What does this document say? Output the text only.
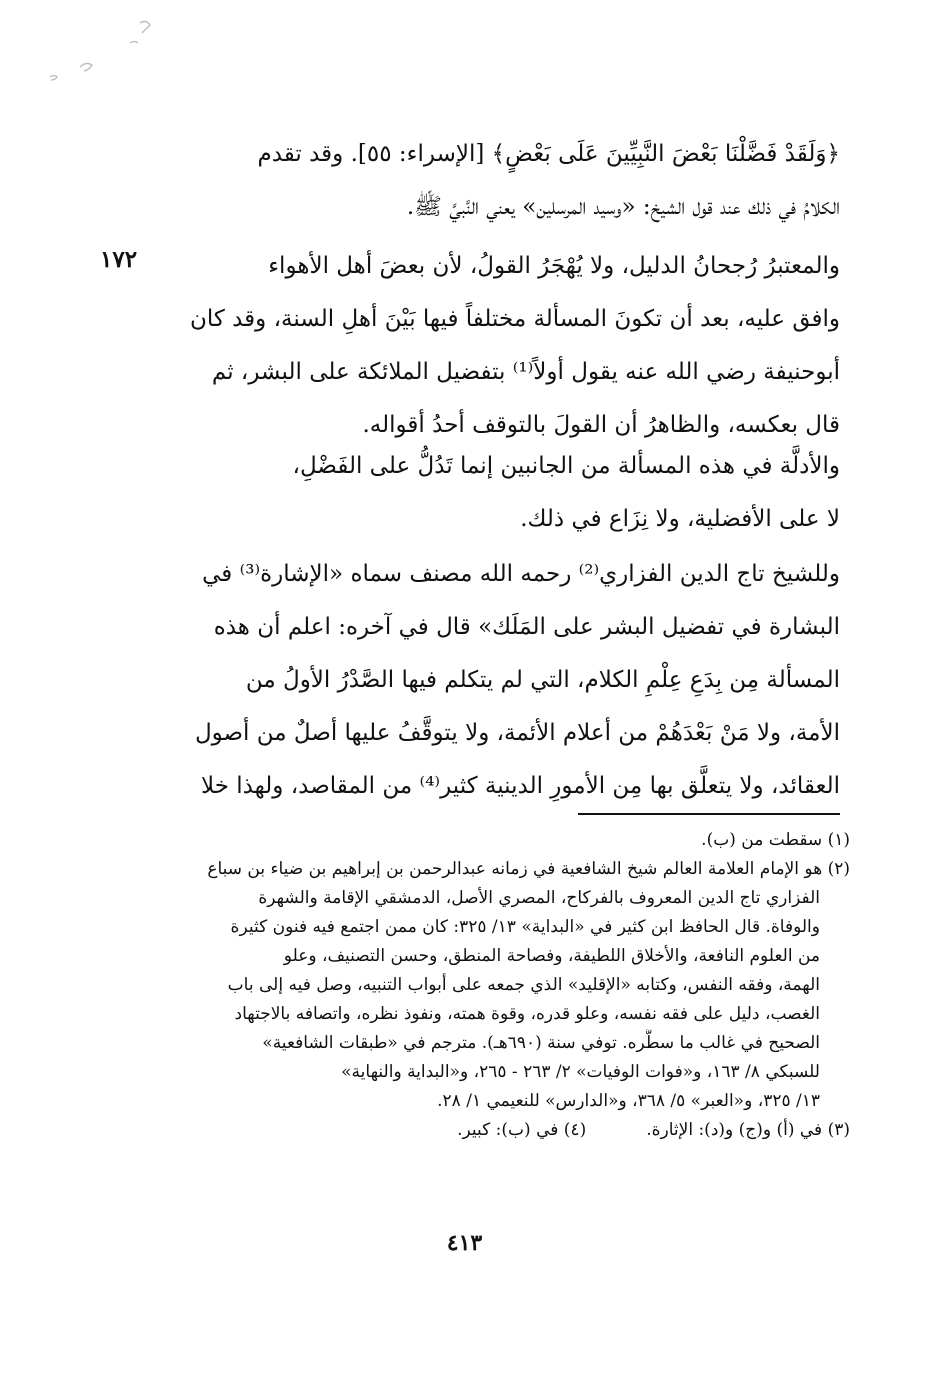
١٧٢
﴿وَلَقَدْ فَضَّلْنَا بَعْضَ النَّبِيِّينَ عَلَى بَعْضٍ﴾ [الإسراء: ٥٥]. وقد تقدم
الكلامُ في ذلك عند قول الشيخ: «وسيد المرسلين» يعني النَّبيَّ ﷺ.
والمعتبرُ رُجحانُ الدليل، ولا يُهْجَرُ القولُ، لأن بعضَ أهل الأهواء
وافق عليه، بعد أن تكونَ المسألة مختلفاً فيها بَيْنَ أهلِ السنة، وقد كان
أبوحنيفة رضي الله عنه يقول أولاً⁽¹⁾ بتفضيل الملائكة على البشر، ثم
قال بعكسه، والظاهرُ أن القولَ بالتوقف أحدُ أقواله.
والأدلَّة في هذه المسألة من الجانبين إنما تَدُلُّ على الفَضْلِ،
لا على الأفضلية، ولا نِزَاع في ذلك.
وللشيخ تاج الدين الفزاري⁽²⁾ رحمه الله مصنف سماه «الإشارة⁽³⁾ في
البشارة في تفضيل البشر على المَلَك» قال في آخره: اعلم أن هذه
المسألة مِن بِدَعِ عِلْمِ الكلام، التي لم يتكلم فيها الصَّدْرُ الأولُ من
الأمة، ولا مَنْ بَعْدَهُمْ من أعلام الأئمة، ولا يتوقَّفُ عليها أصلٌ من أصول
العقائد، ولا يتعلَّق بها مِن الأمورِ الدينية كثير⁽⁴⁾ من المقاصد، ولهذا خلا
(١) سقطت من (ب).
(٢) هو الإمام العلامة العالم شيخ الشافعية في زمانه عبدالرحمن بن إبراهيم بن ضياء بن سباع
الفزاري تاج الدين المعروف بالفركاح، المصري الأصل، الدمشقي الإقامة والشهرة
والوفاة. قال الحافظ ابن كثير في «البداية» ١٣/ ٣٢٥: كان ممن اجتمع فيه فنون كثيرة
من العلوم النافعة، والأخلاق اللطيفة، وفصاحة المنطق، وحسن التصنيف، وعلو
الهمة، وفقه النفس، وكتابه «الإقليد» الذي جمعه على أبواب التنبيه، وصل فيه إلى باب
الغصب، دليل على فقه نفسه، وعلو قدره، وقوة همته، ونفوذ نظره، واتصافه بالاجتهاد
الصحيح في غالب ما سطَّره. توفي سنة (٦٩٠هـ). مترجم في «طبقات الشافعية»
للسبكي ٨/ ١٦٣، و«فوات الوفيات» ٢/ ٢٦٣ - ٢٦٥، و«البداية والنهاية»
١٣/ ٣٢٥، و«العبر» ٥/ ٣٦٨، و«الدارس» للنعيمي ١/ ٢٨.
(٣) في (أ) و(ج) و(د): الإثارة.
(٤) في (ب): كبير.
٤١٣
